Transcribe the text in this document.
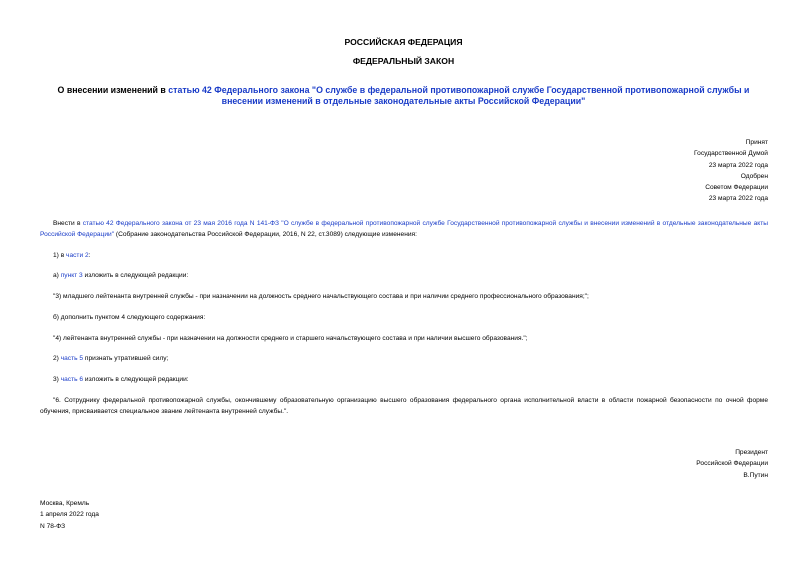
РОССИЙСКАЯ ФЕДЕРАЦИЯ
ФЕДЕРАЛЬНЫЙ ЗАКОН
О внесении изменений в статью 42 Федерального закона "О службе в федеральной противопожарной службе Государственной противопожарной службы и внесении изменений в отдельные законодательные акты Российской Федерации"
Принят
Государственной Думой
23 марта 2022 года
Одобрен
Советом Федерации
23 марта 2022 года
Внести в статью 42 Федерального закона от 23 мая 2016 года N 141-ФЗ "О службе в федеральной противопожарной службе Государственной противопожарной службы и внесении изменений в отдельные законодательные акты Российской Федерации" (Собрание законодательства Российской Федерации, 2016, N 22, ст.3089) следующие изменения:
1) в части 2:
а) пункт 3 изложить в следующей редакции:
"3) младшего лейтенанта внутренней службы - при назначении на должность среднего начальствующего состава и при наличии среднего профессионального образования;";
б) дополнить пунктом 4 следующего содержания:
"4) лейтенанта внутренней службы - при назначении на должности среднего и старшего начальствующего состава и при наличии высшего образования.";
2) часть 5 признать утратившей силу;
3) часть 6 изложить в следующей редакции:
"6. Сотруднику федеральной противопожарной службы, окончившему образовательную организацию высшего образования федерального органа исполнительной власти в области пожарной безопасности по очной форме обучения, присваивается специальное звание лейтенанта внутренней службы.".
Президент
Российской Федерации
В.Путин
Москва, Кремль
1 апреля 2022 года
N 78-ФЗ
